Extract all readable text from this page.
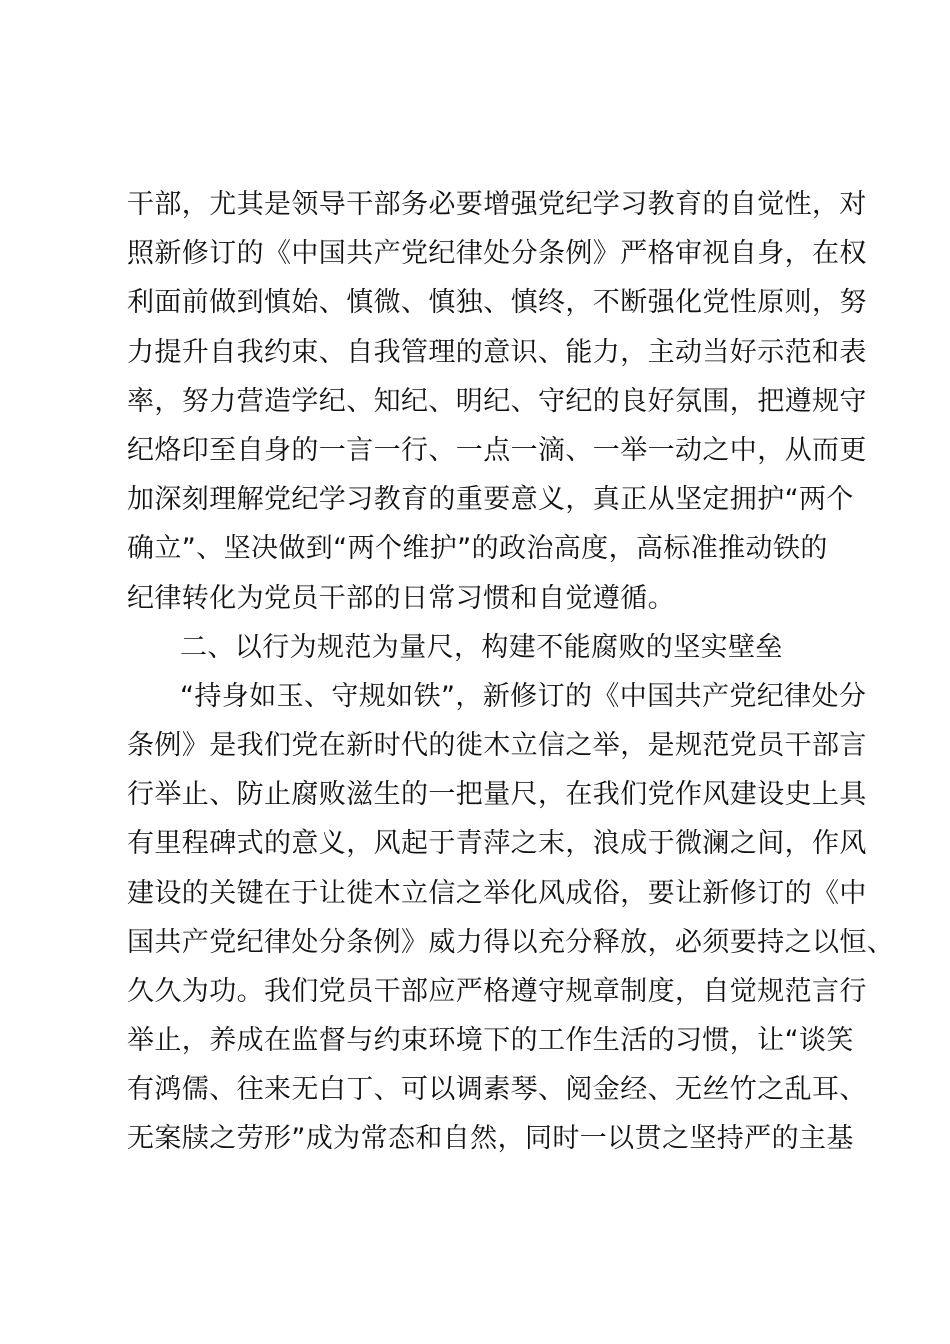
干部，尤其是领导干部务必要增强党纪学习教育的自觉性，对
照新修订的《中国共产党纪律处分条例》严格审视自身，在权
利面前做到慎始、慎微、慎独、慎终，不断强化党性原则，努
力提升自我约束、自我管理的意识、能力，主动当好示范和表
率，努力营造学纪、知纪、明纪、守纪的良好氛围，把遵规守
纪烙印至自身的一言一行、一点一滴、一举一动之中，从而更
加深刻理解党纪学习教育的重要意义，真正从坚定拥护“两个
确立”、坚决做到“两个维护”的政治高度，高标准推动铁的
纪律转化为党员干部的日常习惯和自觉遵循。
二、以行为规范为量尺，构建不能腐败的坚实壁垒
“持身如玉、守规如铁”，新修订的《中国共产党纪律处分
条例》是我们党在新时代的徙木立信之举，是规范党员干部言
行举止、防止腐败滋生的一把量尺，在我们党作风建设史上具
有里程碑式的意义，风起于青萍之末，浪成于微澜之间，作风
建设的关键在于让徙木立信之举化风成俗，要让新修订的《中
国共产党纪律处分条例》威力得以充分释放，必须要持之以恒、
久久为功。我们党员干部应严格遵守规章制度，自觉规范言行
举止，养成在监督与约束环境下的工作生活的习惯，让“谈笑
有鸿儒、往来无白丁、可以调素琴、阅金经、无丝竹之乱耳、
无案牍之劳形”成为常态和自然，同时一以贯之坚持严的主基
